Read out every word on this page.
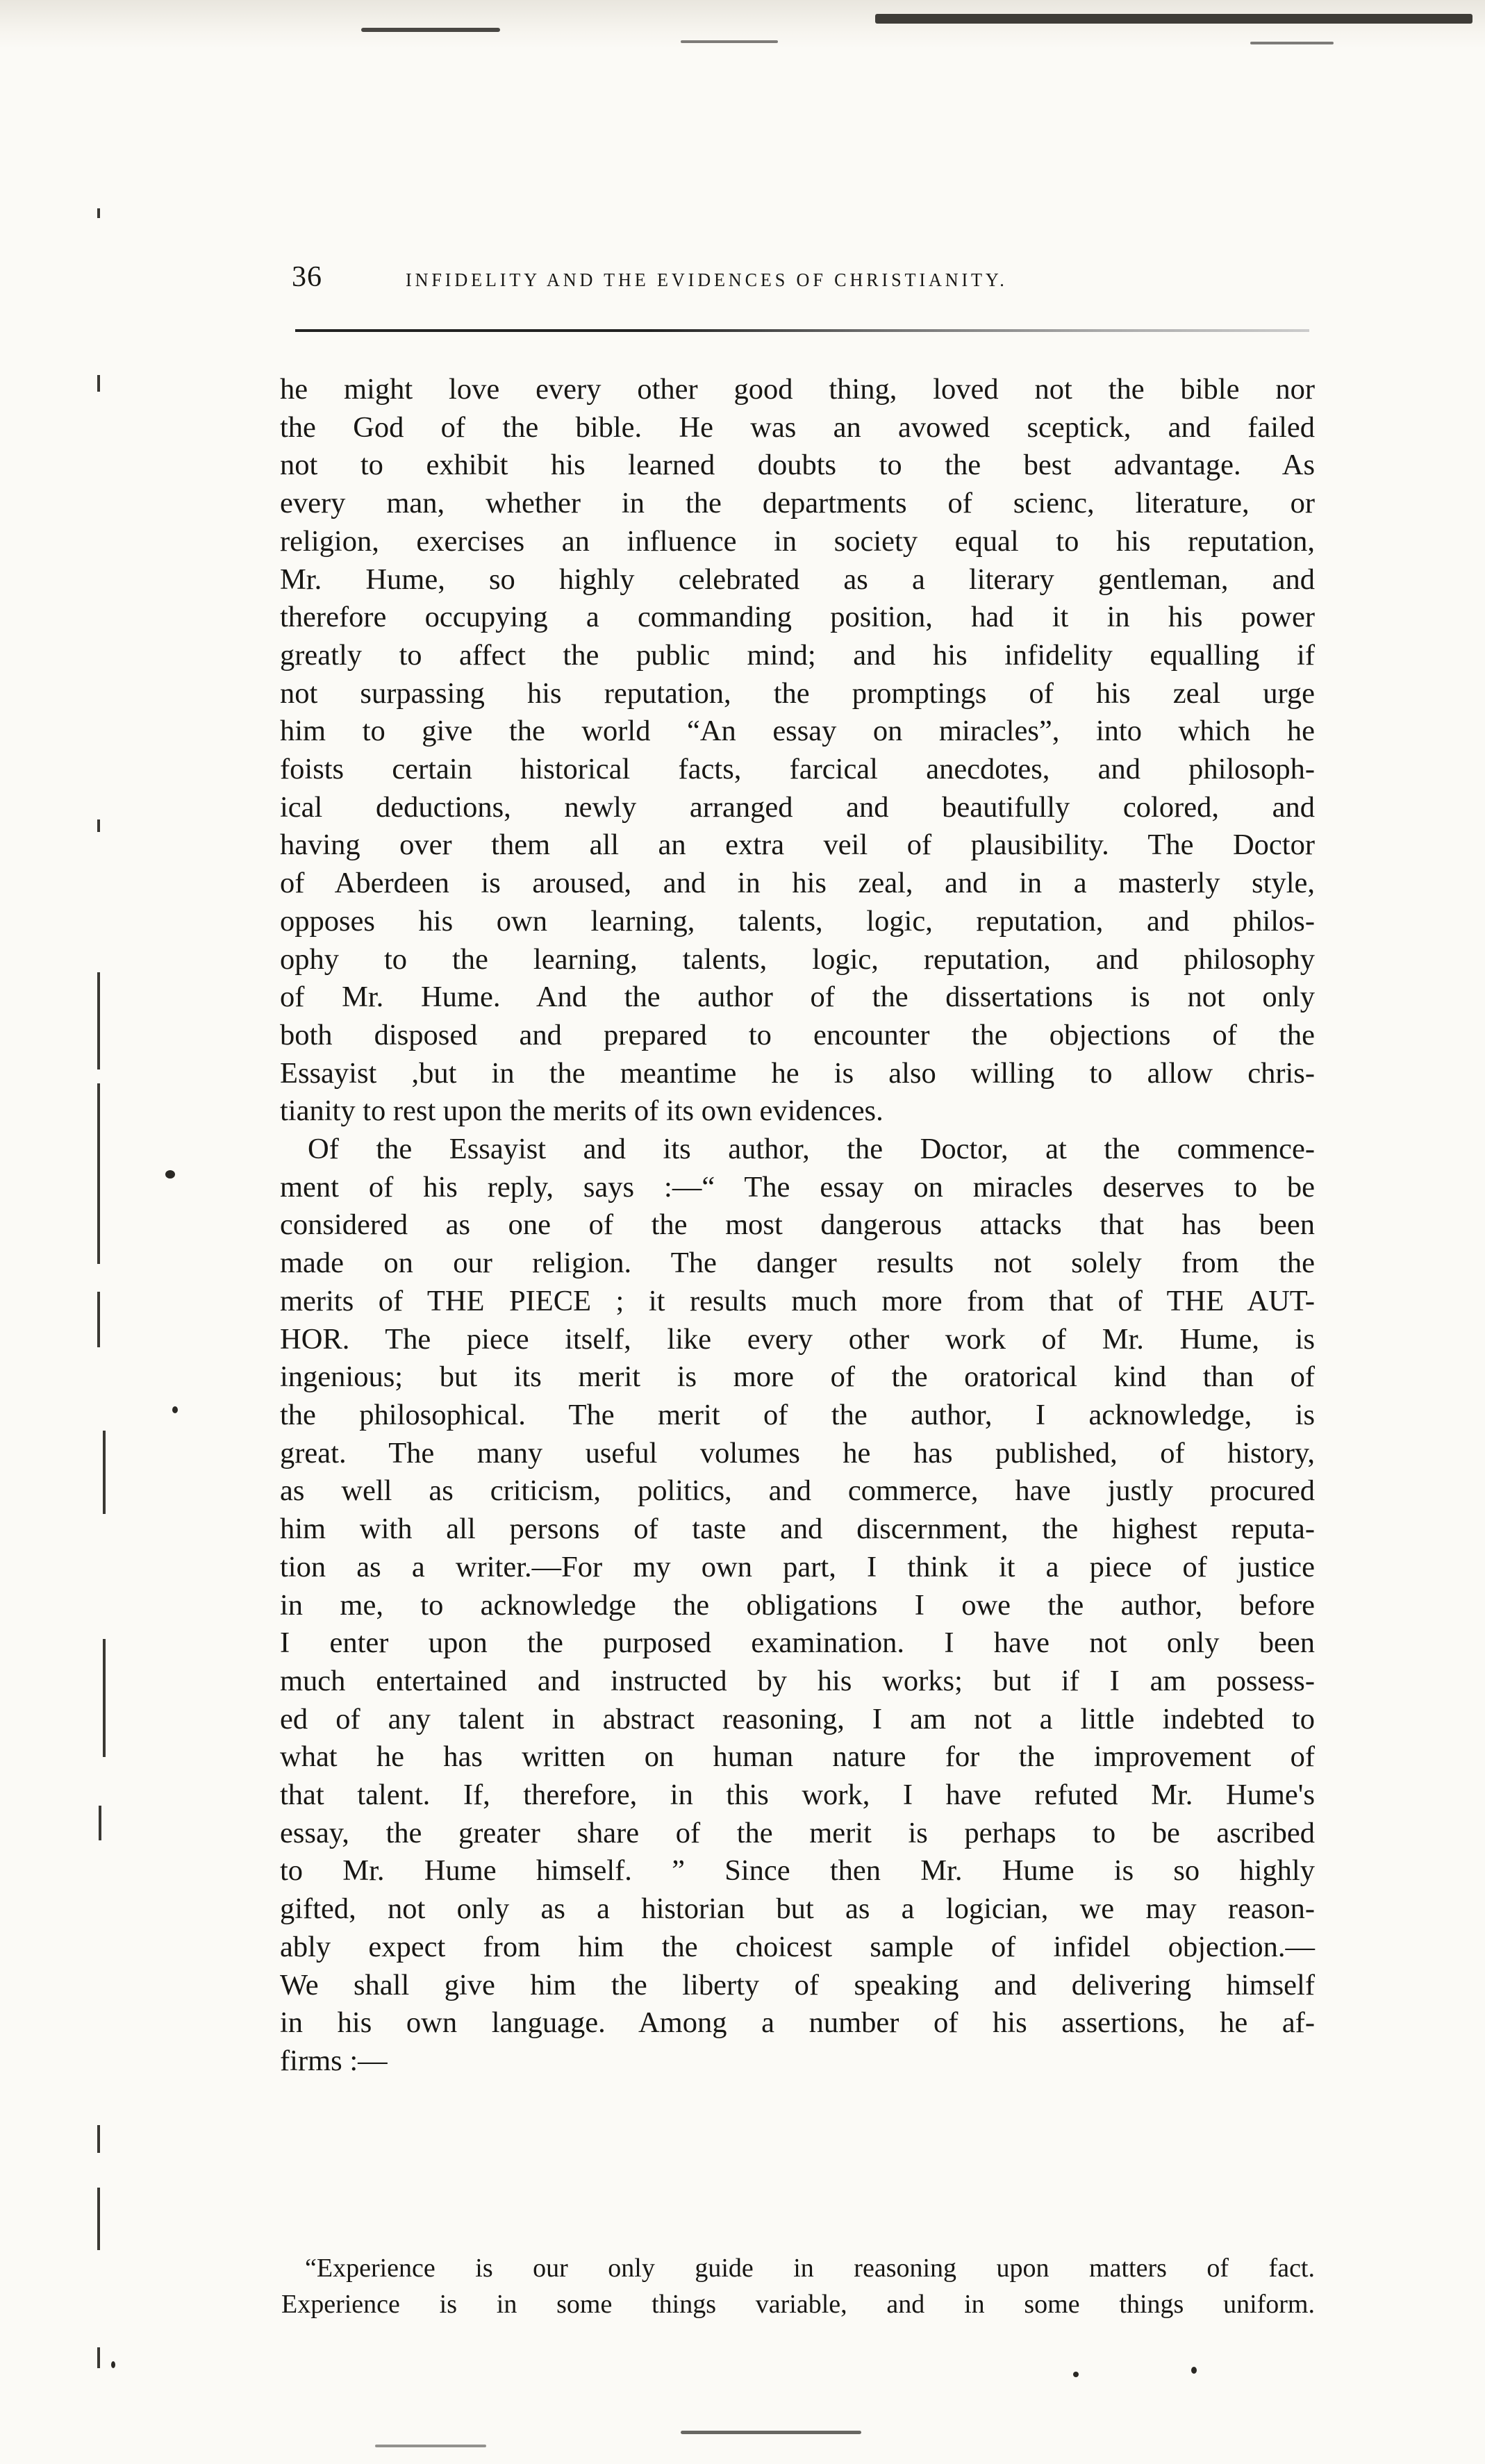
36	INFIDELITY AND THE EVIDENCES OF CHRISTIANITY.

he might love every other good thing, loved not the bible nor

the God of the bible. He was an avowed sceptick, and failed

not to exhibit his learned doubts to the best advantage. As

every man, whether in the departments of scienc, literature, or

religion, exercises an influence in society equal to his reputation,

Mr. Hume, so highly celebrated as a literary gentleman, and

therefore occupying a commanding position, had it in his power

greatly to affect the public mind; and his infidelity equalling if

not surpassing his reputation, the promptings of his zeal urge

him to give the world “An essay on miracles”, into which he

foists certain historical facts, farcical anecdotes, and philosoph-

ical deductions, newly arranged and beautifully colored, and

having over them all an extra veil of plausibility. The Doctor

of Aberdeen is aroused, and in his zeal, and in a masterly style,

opposes his own learning, talents, logic, reputation, and philos-

ophy to the learning, talents, logic, reputation, and philosophy

of Mr. Hume. And the author of the dissertations is not only

both disposed and prepared to encounter the objections of the

Essayist ,but in the meantime he is also willing to allow chris-

tianity to rest upon the merits of its own evidences.

Of the Essayist and its author, the Doctor, at the commence-

ment of his reply, says :—“ The essay on miracles deserves to be

considered as one of the most dangerous attacks that has been

made on our religion. The danger results not solely from the

merits of THE PIECE ; it results much more from that of THE AUT-

HOR. The piece itself, like every other work of Mr. Hume, is

ingenious; but its merit is more of the oratorical kind than of

the philosophical. The merit of the author, I acknowledge, is

great. The many useful volumes he has published, of history,

as well as criticism, politics, and commerce, have justly procured

him with all persons of taste and discernment, the highest reputa-

tion as a writer.—For my own part, I think it a piece of justice

in me, to acknowledge the obligations I owe the author, before

I enter upon the purposed examination. I have not only been

much entertained and instructed by his works; but if I am possess-

ed of any talent in abstract reasoning, I am not a little indebted to

what he has written on human nature for the improvement of

that talent. If, therefore, in this work, I have refuted Mr. Hume's

essay, the greater share of the merit is perhaps to be ascribed

to Mr. Hume himself. ” Since then Mr. Hume is so highly

gifted, not only as a historian but as a logician, we may reason-

ably expect from him the choicest sample of infidel objection.—

We shall give him the liberty of speaking and delivering himself

in his own language. Among a number of his assertions, he af-

firms :—

“Experience is our only guide in reasoning upon matters of fact.

Experience is in some things variable, and in some things uniform.
